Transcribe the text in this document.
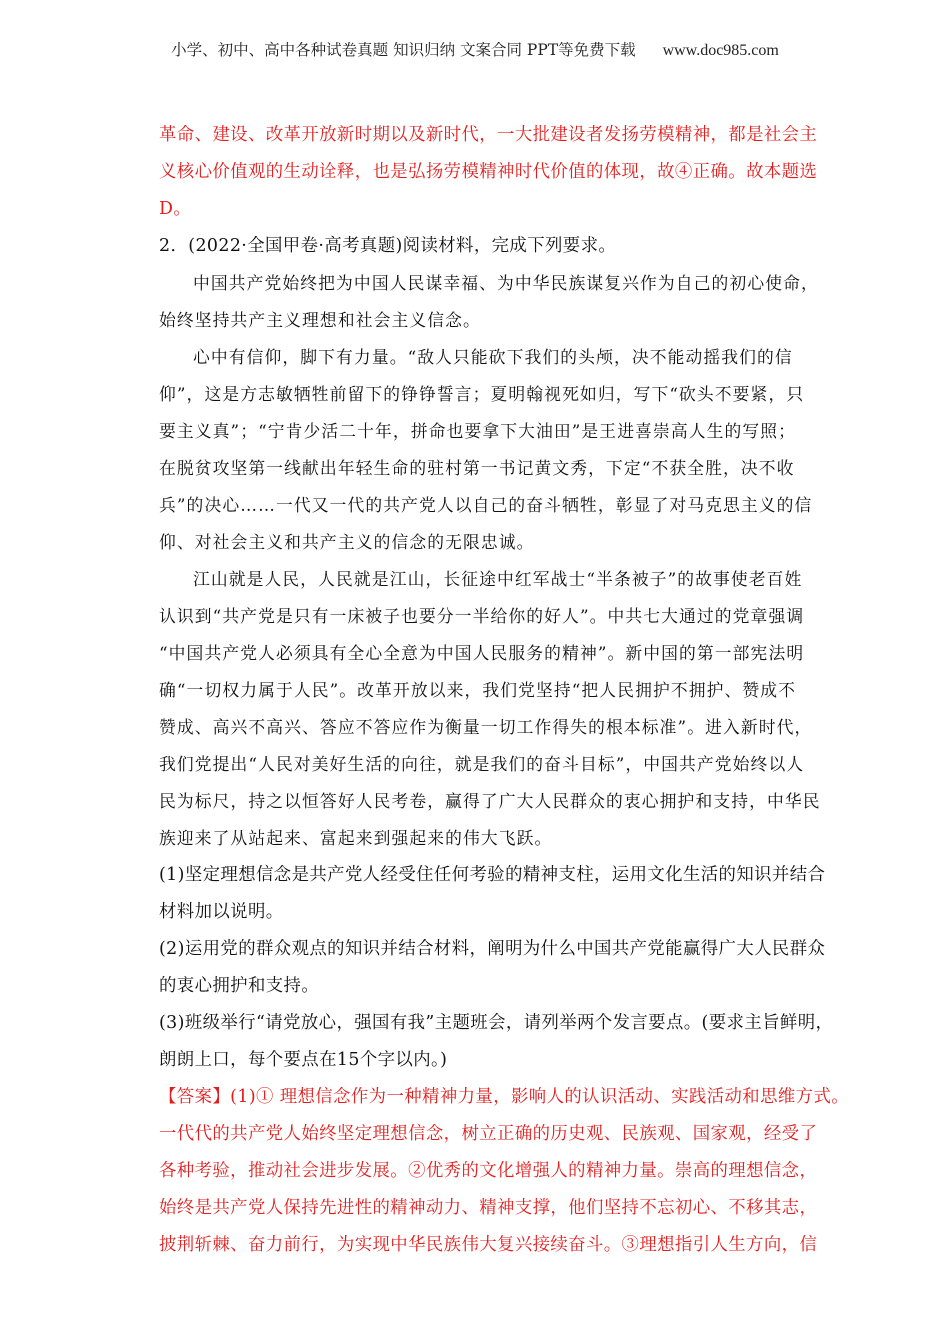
小学、初中、高中各种试卷真题 知识归纳 文案合同 PPT等免费下载 www.doc985.com
革命、建设、改革开放新时期以及新时代，一大批建设者发扬劳模精神，都是社会主
义核心价值观的生动诠释，也是弘扬劳模精神时代价值的体现，故④正确。故本题选
D。
2．(2022·全国甲卷·高考真题)阅读材料，完成下列要求。
中国共产党始终把为中国人民谋幸福、为中华民族谋复兴作为自己的初心使命，
始终坚持共产主义理想和社会主义信念。
心中有信仰，脚下有力量。“敌人只能砍下我们的头颅，决不能动摇我们的信
仰”，这是方志敏牺牲前留下的铮铮誓言；夏明翰视死如归，写下“砍头不要紧，只
要主义真”；“宁肯少活二十年，拼命也要拿下大油田”是王进喜崇高人生的写照；
在脱贫攻坚第一线献出年轻生命的驻村第一书记黄文秀，下定“不获全胜，决不收
兵”的决心……一代又一代的共产党人以自己的奋斗牺牲，彰显了对马克思主义的信
仰、对社会主义和共产主义的信念的无限忠诚。
江山就是人民，人民就是江山，长征途中红军战士“半条被子”的故事使老百姓
认识到“共产党是只有一床被子也要分一半给你的好人”。中共七大通过的党章强调
“中国共产党人必须具有全心全意为中国人民服务的精神”。新中国的第一部宪法明
确“一切权力属于人民”。改革开放以来，我们党坚持“把人民拥护不拥护、赞成不
赞成、高兴不高兴、答应不答应作为衡量一切工作得失的根本标准”。进入新时代，
我们党提出“人民对美好生活的向往，就是我们的奋斗目标”，中国共产党始终以人
民为标尺，持之以恒答好人民考卷，赢得了广大人民群众的衷心拥护和支持，中华民
族迎来了从站起来、富起来到强起来的伟大飞跃。
(1)坚定理想信念是共产党人经受住任何考验的精神支柱，运用文化生活的知识并结合
材料加以说明。
(2)运用党的群众观点的知识并结合材料，阐明为什么中国共产党能赢得广大人民群众
的衷心拥护和支持。
(3)班级举行“请党放心，强国有我”主题班会，请列举两个发言要点。(要求主旨鲜明，
朗朗上口，每个要点在15个字以内。)
【答案】(1)① 理想信念作为一种精神力量，影响人的认识活动、实践活动和思维方式。
一代代的共产党人始终坚定理想信念，树立正确的历史观、民族观、国家观，经受了
各种考验，推动社会进步发展。②优秀的文化增强人的精神力量。崇高的理想信念，
始终是共产党人保持先进性的精神动力、精神支撑，他们坚持不忘初心、不移其志，
披荆斩棘、奋力前行，为实现中华民族伟大复兴接续奋斗。③理想指引人生方向，信
